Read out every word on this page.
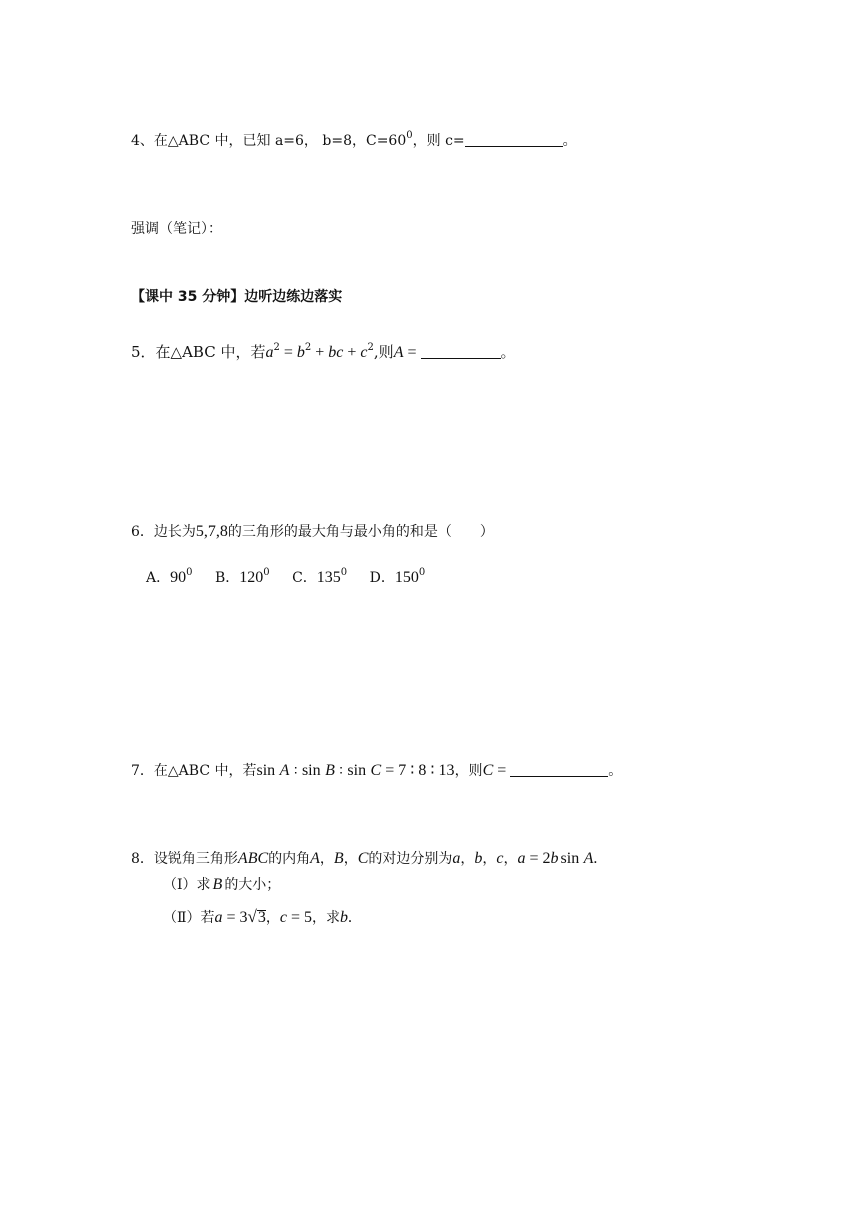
4、在△ABC 中，已知 a=6， b=8，$C=60^0$，则 c=	。
强调（笔记）：
【课中 35 分钟】边听边练边落实
5．在△ABC 中，若$a^2 = b^2$ + bc + $c^2$,则A =	。
6．边长为5,7,8的三角形的最大角与最小角的和是（　　）
A．$90^0$ B．$120^0$ C．$135^0$ D．$150^0$
7．在△ABC 中，若sin A ∶ sin B ∶ sin C = 7 ∶ 8 ∶ 13，则C =	。
8．设锐角三角形ABC的内角A，B，C的对边分别为a，b，c，a = 2b sin A.
（Ⅰ）求 B 的大小；
（Ⅱ）若a = 3√3，c = 5，求b.
